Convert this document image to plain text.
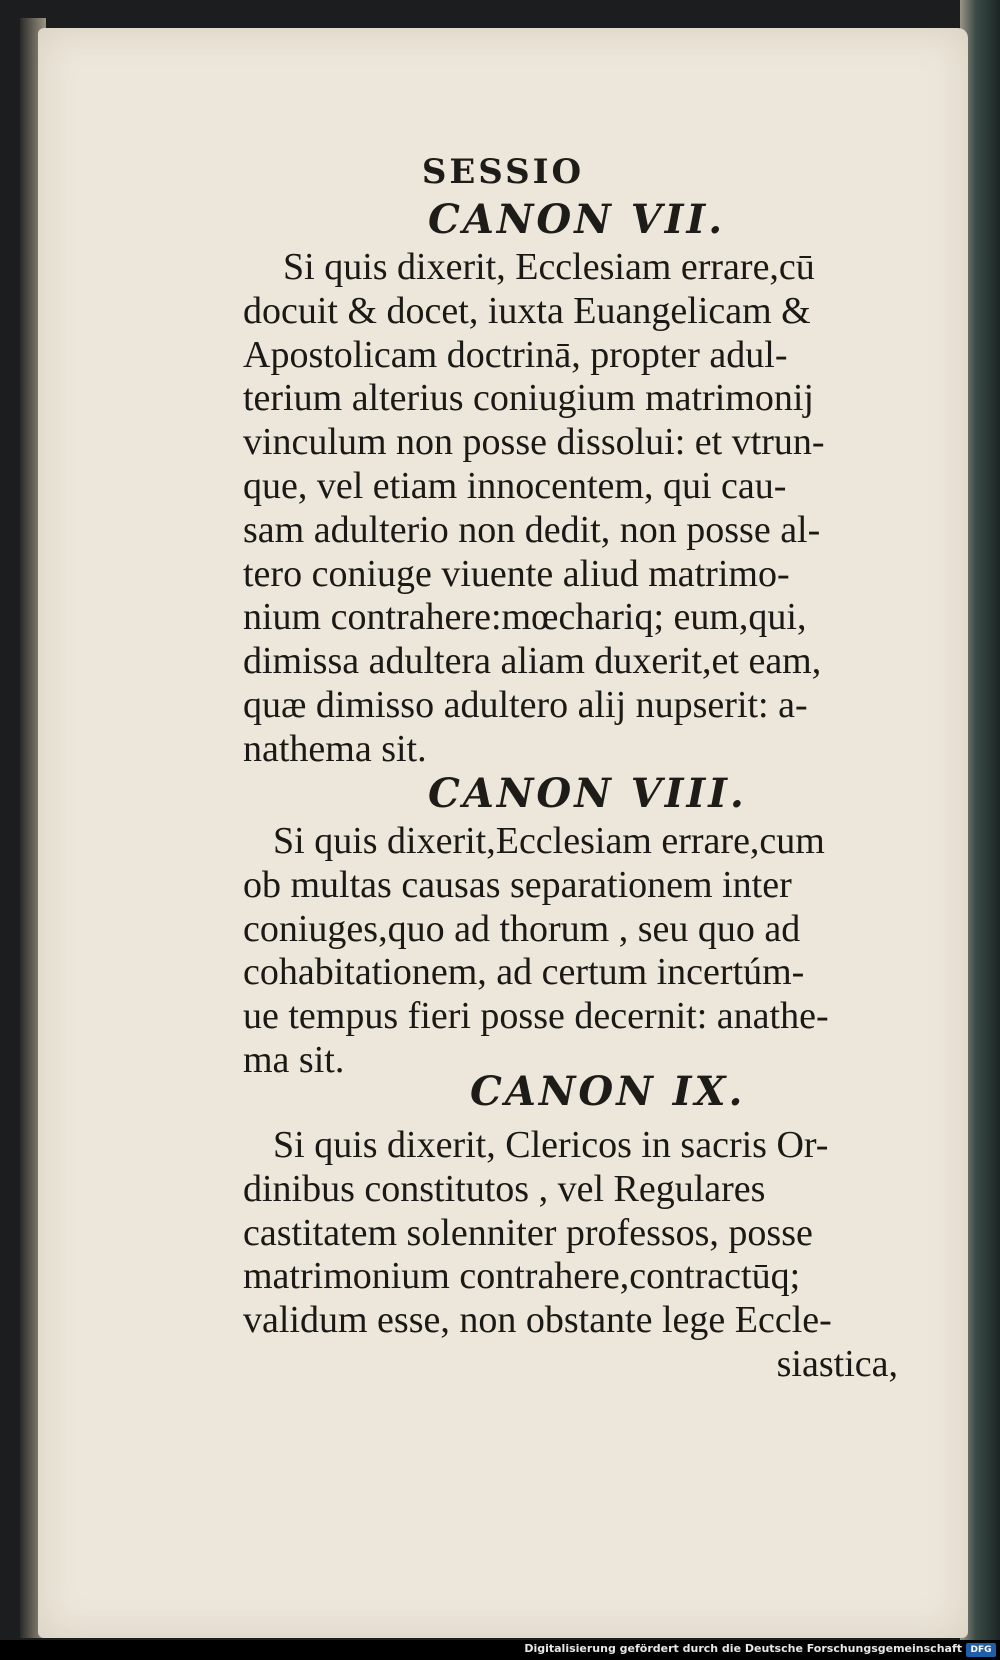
SESSIO
CANON VII.
Si quis dixerit, Ecclesiam errare,cū
docuit & docet, iuxta Euangelicam &
Apostolicam doctrinā, propter adul-
terium alterius coniugium matrimonij
vinculum non posse dissolui: et vtrun-
que, vel etiam innocentem, qui cau-
sam adulterio non dedit, non posse al-
tero coniuge viuente aliud matrimo-
nium contrahere:mœchariq; eum,qui,
dimissa adultera aliam duxerit,et eam,
quæ dimisso adultero alij nupserit: a-
nathema sit.
CANON VIII.
Si quis dixerit,Ecclesiam errare,cum
ob multas causas separationem inter
coniuges,quo ad thorum , seu quo ad
cohabitationem, ad certum incertúm-
ue tempus fieri posse decernit: anathe-
ma sit.
CANON IX.
Si quis dixerit, Clericos in sacris Or-
dinibus constitutos , vel Regulares
castitatem solenniter professos, posse
matrimonium contrahere,contractūq;
validum esse, non obstante lege Eccle-
siastica,
Digitalisierung gefördert durch die Deutsche Forschungsgemeinschaft DFG
